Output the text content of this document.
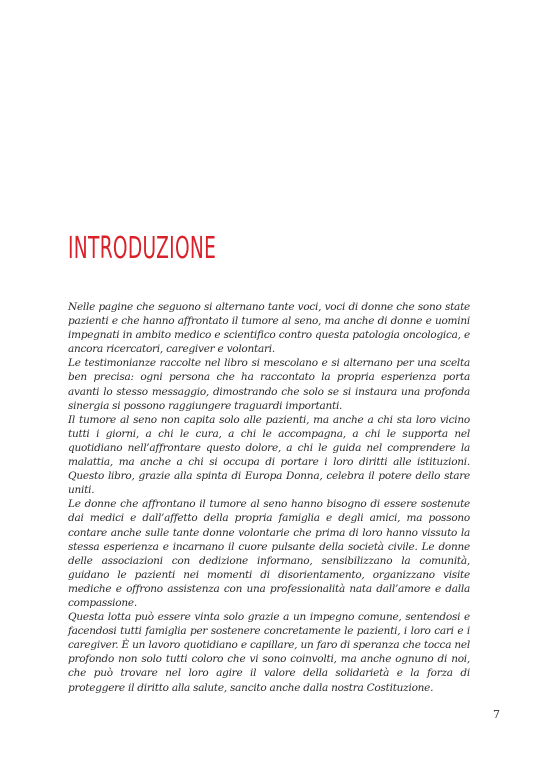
INTRODUZIONE

Nelle pagine che seguono si alternano tante voci, voci di donne che sono state pazienti e che hanno affrontato il tumore al seno, ma anche di donne e uomini impegnati in ambito medico e scientifico contro questa patologia oncologica, e ancora ricercatori, caregiver e volontari.

Le testimonianze raccolte nel libro si mescolano e si alternano per una scelta ben precisa: ogni persona che ha raccontato la propria esperienza porta avanti lo stesso messaggio, dimostrando che solo se si instaura una profonda sinergia si possono raggiungere traguardi importanti.

Il tumore al seno non capita solo alle pazienti, ma anche a chi sta loro vicino tutti i giorni, a chi le cura, a chi le accompagna, a chi le supporta nel quotidiano nell’affrontare questo dolore, a chi le guida nel comprendere la malattia, ma anche a chi si occupa di portare i loro diritti alle istituzioni. Questo libro, grazie alla spinta di Europa Donna, celebra il potere dello stare uniti.

Le donne che affrontano il tumore al seno hanno bisogno di essere sostenute dai medici e dall’affetto della propria famiglia e degli amici, ma possono contare anche sulle tante donne volontarie che prima di loro hanno vissuto la stessa esperienza e incarnano il cuore pulsante della società civile. Le donne delle associazioni con dedizione informano, sensibilizzano la comunità, guidano le pazienti nei momenti di disorientamento, organizzano visite mediche e offrono assistenza con una professionalità nata dall’amore e dalla compassione.

Questa lotta può essere vinta solo grazie a un impegno comune, sentendosi e facendosi tutti famiglia per sostenere concretamente le pazienti, i loro cari e i caregiver. È un lavoro quotidiano e capillare, un faro di speranza che tocca nel profondo non solo tutti coloro che vi sono coinvolti, ma anche ognuno di noi, che può trovare nel loro agire il valore della solidarietà e la forza di proteggere il diritto alla salute, sancito anche dalla nostra Costituzione.

7
